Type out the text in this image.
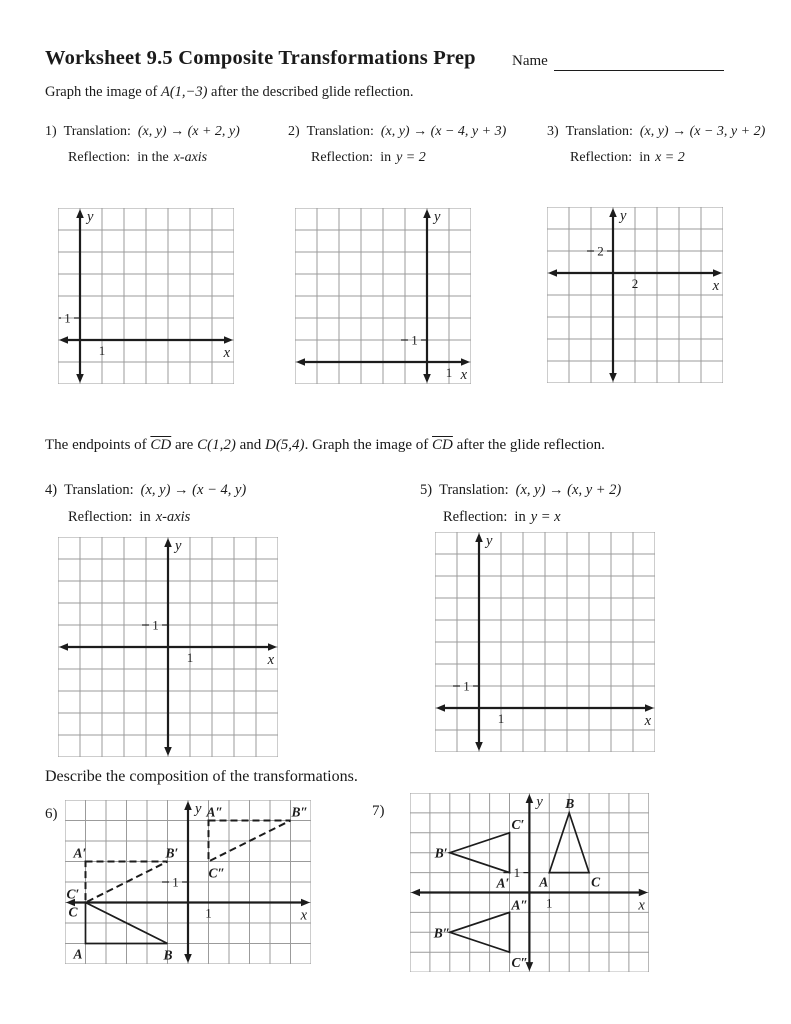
Worksheet 9.5 Composite Transformations Prep Name
Graph the image of A(1,−3) after the described glide reflection.
1) Translation: (x, y) → (x + 2, y)
Reflection: in the x-axis
2) Translation: (x, y) → (x − 4, y + 3)
Reflection: in y = 2
3) Translation: (x, y) → (x − 3, y + 2)
Reflection: in x = 2
1
1
y
x
1
1
y
x
2
2
y
x
The endpoints of $\overline{CD}$ are C(1,2) and D(5,4). Graph the image of $\overline{CD}$ after the glide reflection.
4) Translation: (x, y) → (x − 4, y)
Reflection: in x-axis
5) Translation: (x, y) → (x, y + 2)
Reflection: in y = x
1
1
y
x
1
1
y
x
Describe the composition of the transformations.
6)	7)
1
1
y
x
A	B
C
C′
A′	B′
A″	B″
C″	1
1
y
x
A
B
C
A′
B′
C′
A″
B″
C″
